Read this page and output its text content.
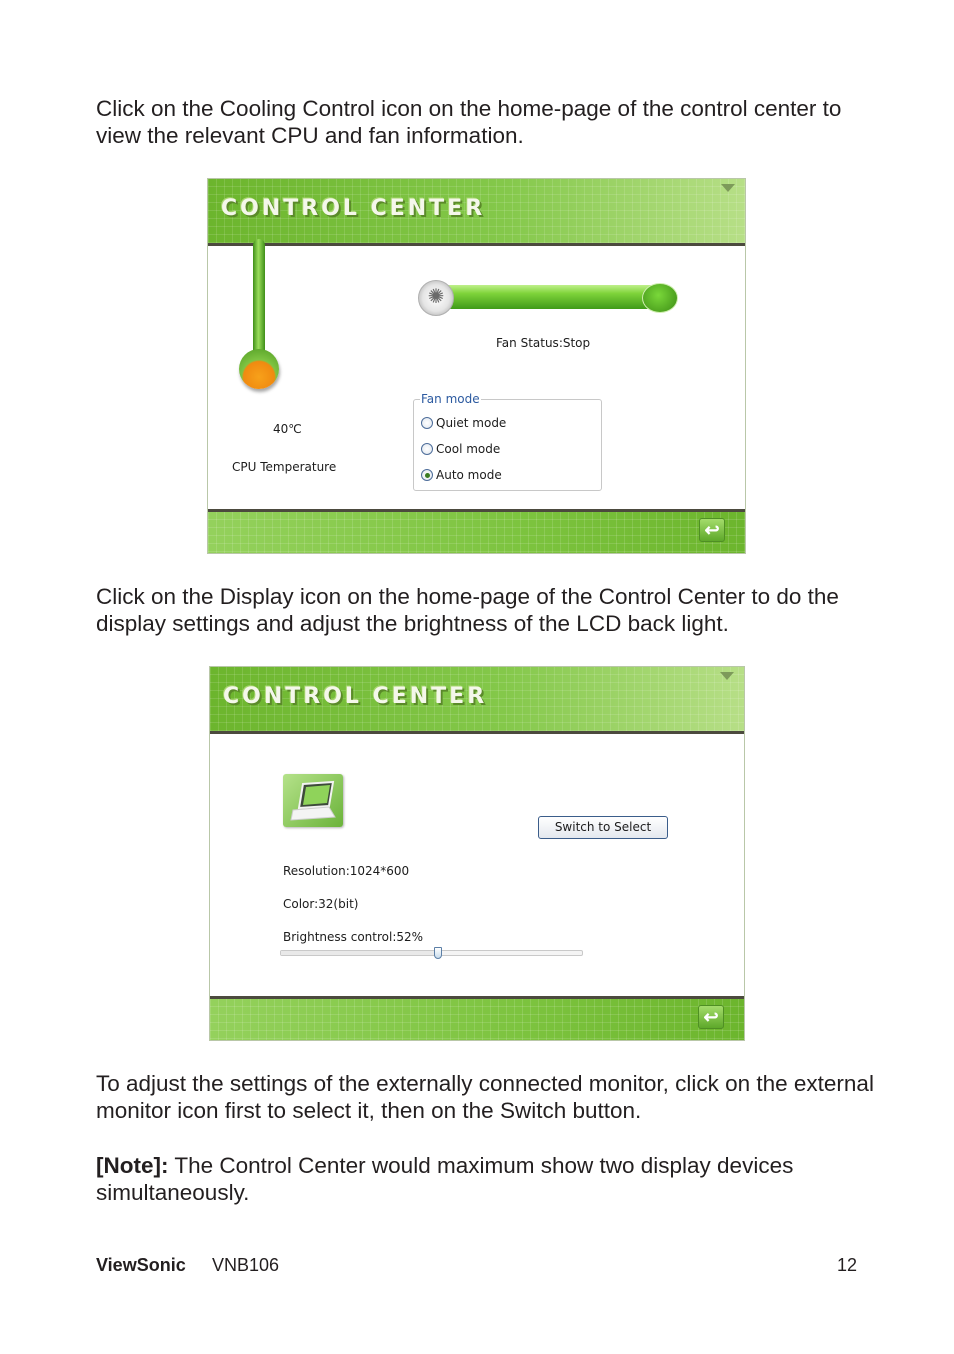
Click on the Cooling Control icon on the home-page of the control center to view the relevant CPU and fan information.

CONTROL CENTER
40℃
CPU Temperature
✺
Fan Status:Stop
Fan mode
Quiet mode
Cool mode
Auto mode
↩

Click on the Display icon on the home-page of the Control Center to do the display settings and adjust the brightness of the LCD back light.

CONTROL CENTER
Switch to Select
Resolution:1024*600
Color:32(bit)
Brightness control:52%
↩

To adjust the settings of the externally connected monitor, click on the external monitor icon first to select it, then on the Switch button.

[Note]: The Control Center would maximum show two display devices simultaneously.

ViewSonic VNB106	12
